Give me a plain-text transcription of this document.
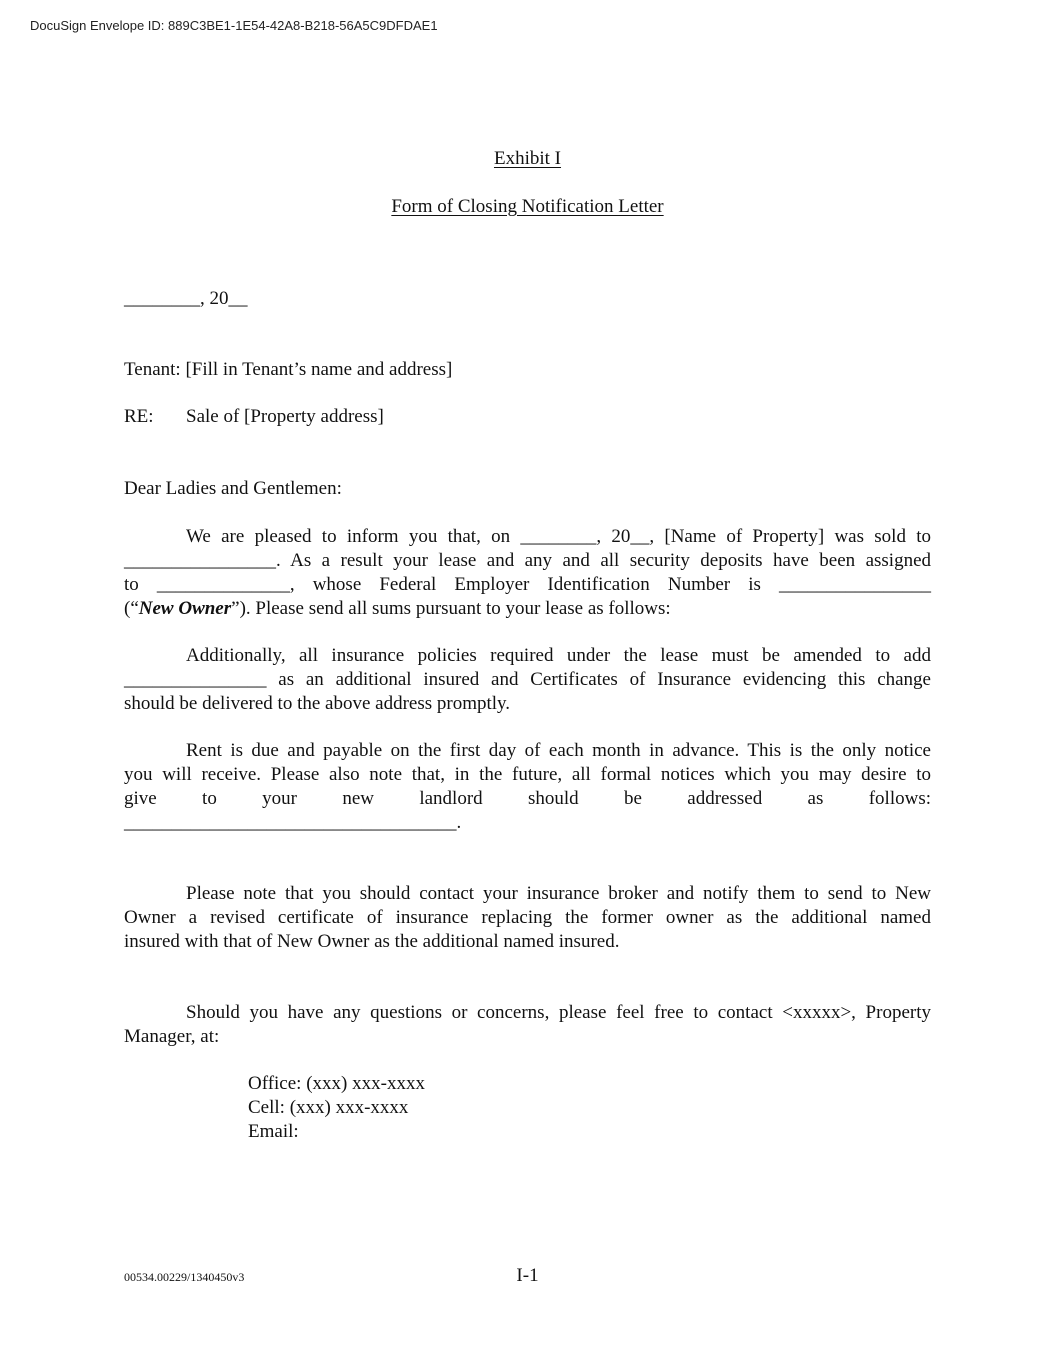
DocuSign Envelope ID: 889C3BE1-1E54-42A8-B218-56A5C9DFDAE1
Exhibit I
Form of Closing Notification Letter
________, 20__
Tenant: [Fill in Tenant’s name and address]
RE: Sale of [Property address]
Dear Ladies and Gentlemen:
We are pleased to inform you that, on ________, 20__, [Name of Property] was sold to
________________. As a result your lease and any and all security deposits have been assigned
to ______________, whose Federal Employer Identification Number is ________________
(“New Owner”). Please send all sums pursuant to your lease as follows:
Additionally, all insurance policies required under the lease must be amended to add
_______________ as an additional insured and Certificates of Insurance evidencing this change
should be delivered to the above address promptly.
Rent is due and payable on the first day of each month in advance. This is the only notice
you will receive. Please also note that, in the future, all formal notices which you may desire to
give to your new landlord should be addressed as follows:
___________________________________.
Please note that you should contact your insurance broker and notify them to send to New
Owner a revised certificate of insurance replacing the former owner as the additional named
insured with that of New Owner as the additional named insured.
Should you have any questions or concerns, please feel free to contact <xxxxx>, Property
Manager, at:
Office: (xxx) xxx-xxxx
Cell: (xxx) xxx-xxxx
Email:
00534.00229/1340450v3	I-1
